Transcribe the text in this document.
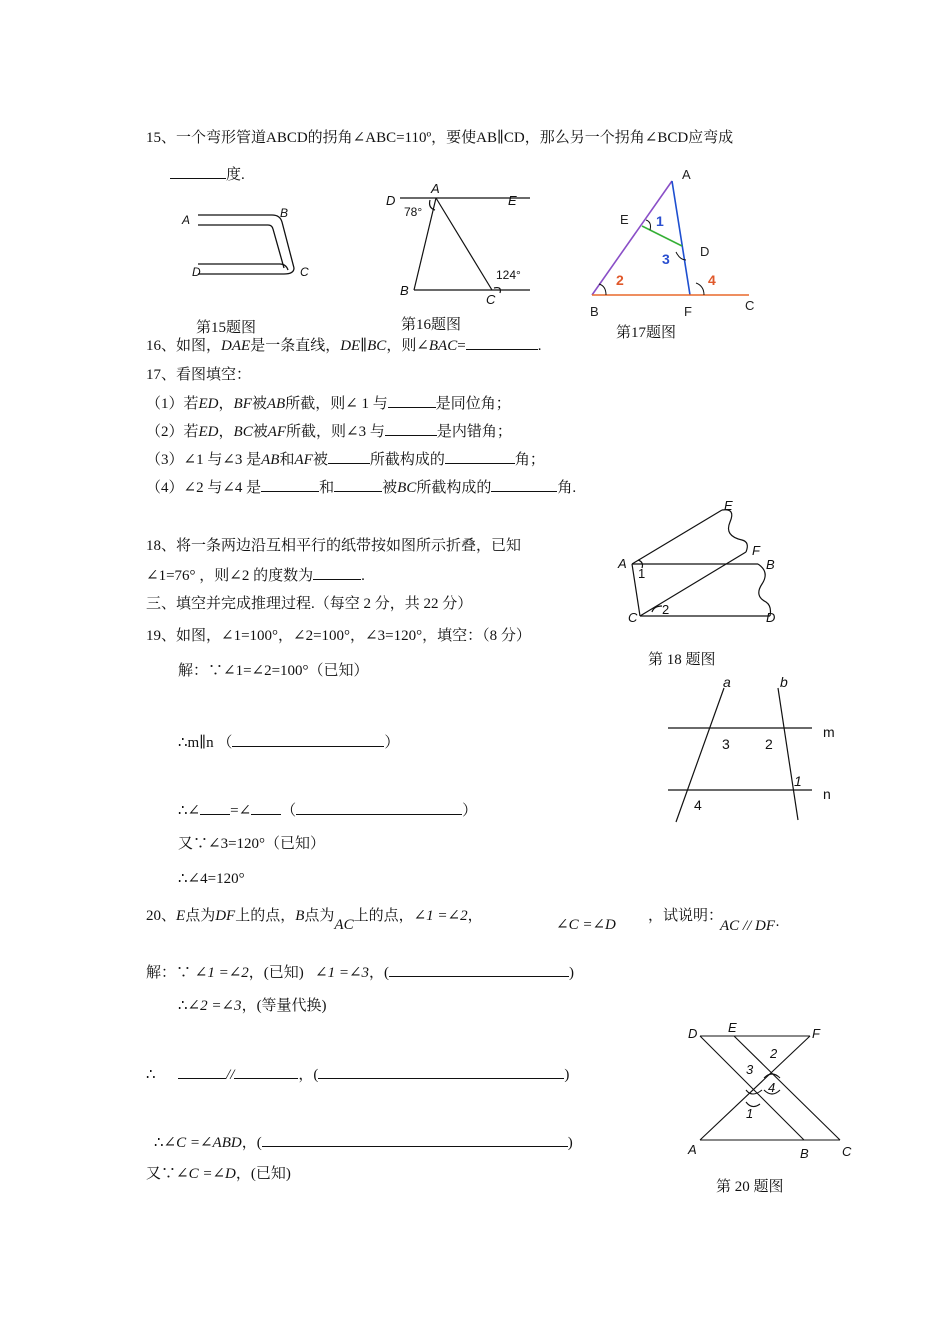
15、一个弯形管道ABCD的拐角∠ABC=110º，要使AB∥CD，那么另一个拐角∠BCD应弯成
度.
A	B
C
D
第15题图
D
A
E
B
C
78°
124°
第16题图
A
E
D
B	F	C
1
3
2	4
第17题图
16、如图，DAE是一条直线，DE∥BC，则∠BAC=	.
17、看图填空：
（1）若ED，BF被AB所截，则∠ 1 与	是同位角；
（2）若ED，BC被AF所截，则∠3 与	是内错角；
（3）∠1 与∠3 是AB和AF被	所截构成的	角；
（4）∠2 与∠4 是	和	被BC所截构成的	角.
18、将一条两边沿互相平行的纸带按如图所示折叠，已知
∠1=76° ，则∠2 的度数为	.
E
F
A	B
C	D
1
2
第 18 题图
三、填空并完成推理过程.（每空 2 分，共 22 分）
19、如图，∠1=100°，∠2=100°，∠3=120°，填空：（8 分）
解：∵∠1=∠2=100°（已知）
∴m∥n （	）
∴∠ =∠ （	）
又∵∠3=120°（已知）
∴∠4=120°
a	b
m
n
3	2
1
4
20、E点为DF上的点，B点为AC上的点，∠1 =∠2，
∠C =∠D
，试说明：
AC // DF·
解：∵ ∠1 =∠2，(已知) ∠1 =∠3，(	)
∴∠2 =∠3，(等量代换)
∴	//	，(	)
∴∠C =∠ABD，(	)
又∵∠C =∠D，(已知)
D E	F
A	B	C
3
2
4
1
第 20 题图
